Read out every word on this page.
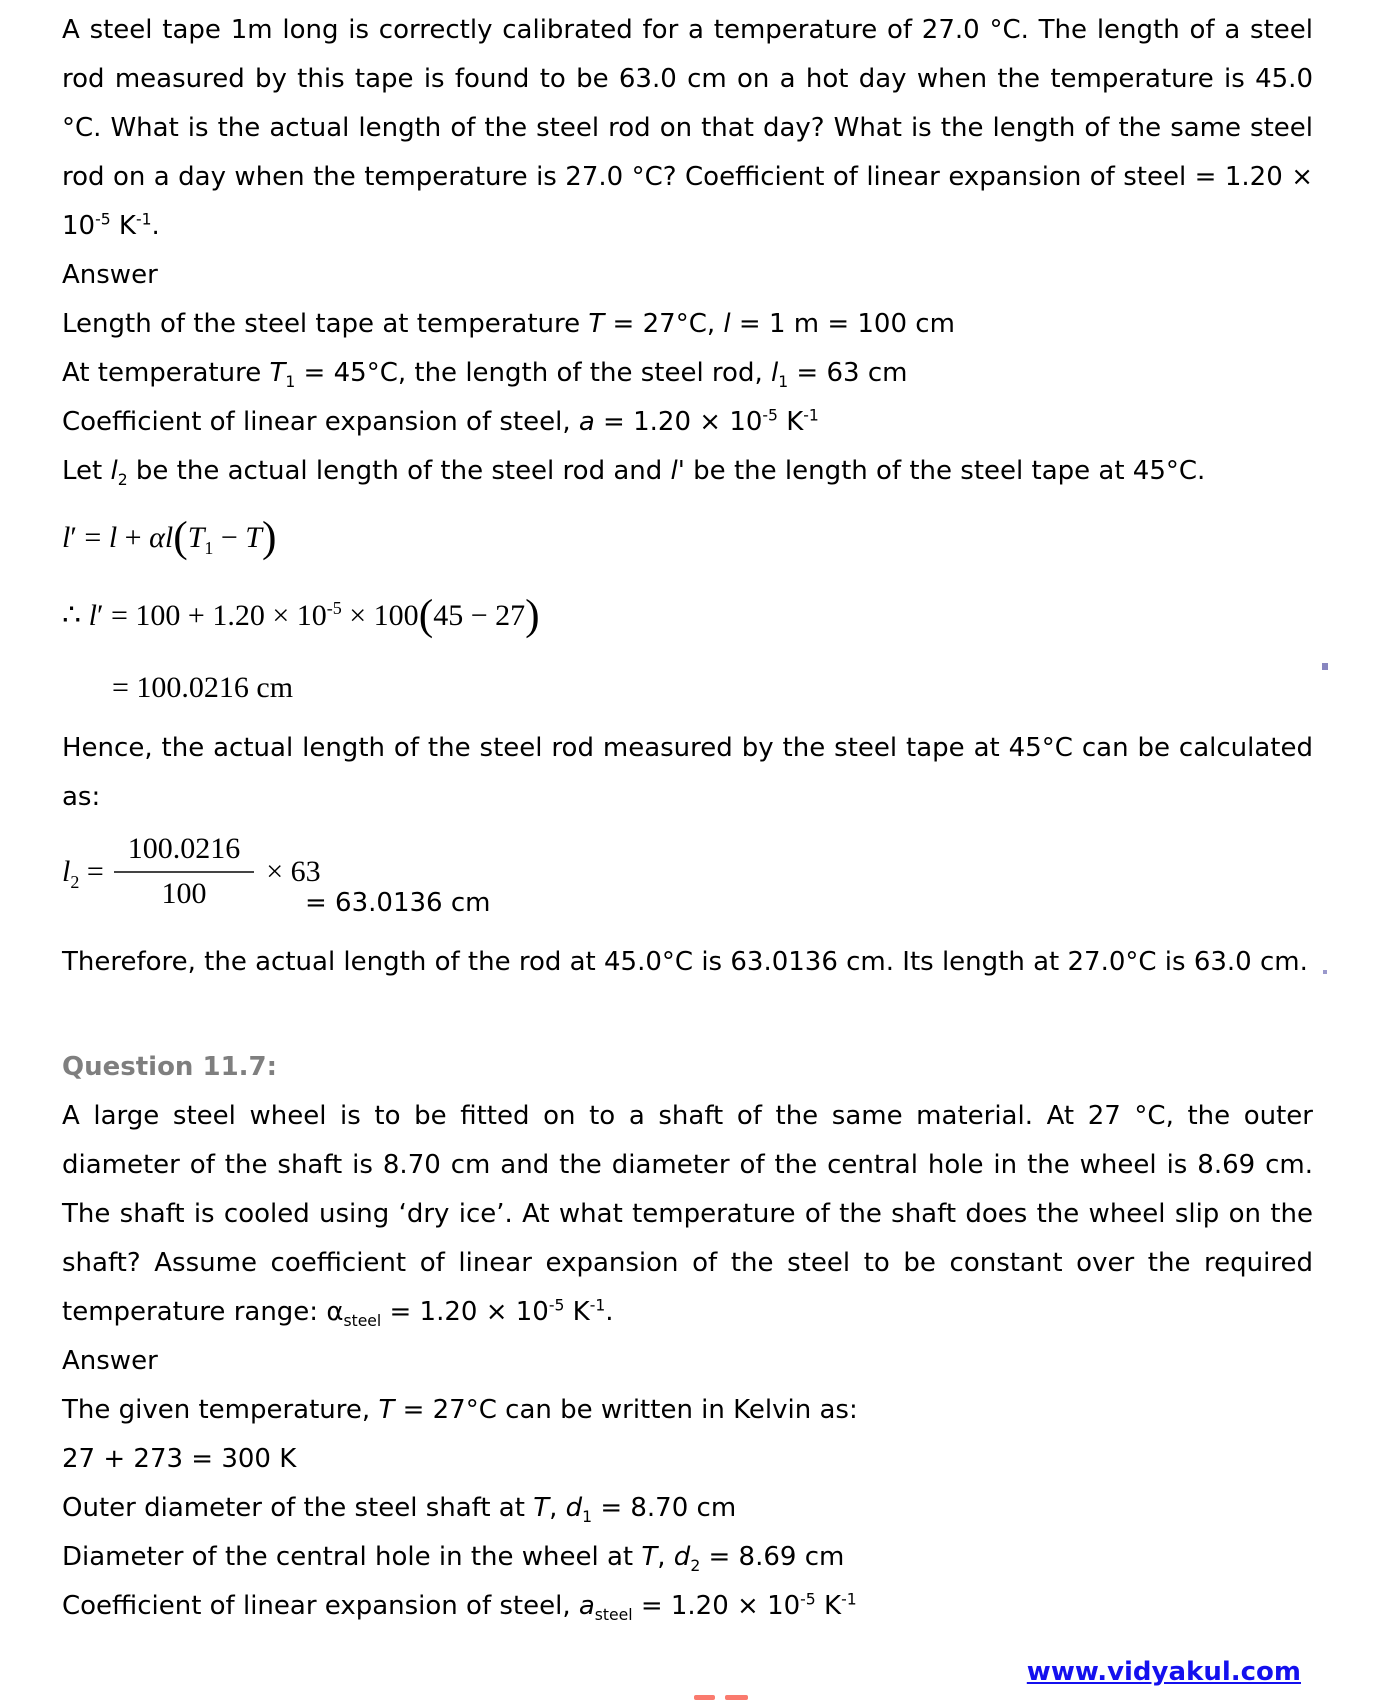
A steel tape 1m long is correctly calibrated for a temperature of 27.0 °C. The length of a steel rod measured by this tape is found to be 63.0 cm on a hot day when the temperature is 45.0 °C. What is the actual length of the steel rod on that day? What is the length of the same steel rod on a day when the temperature is 27.0 °C? Coefficient of linear expansion of steel = $1.20 \times 10^{-5}$ $K^{-1}$.

Answer

Length of the steel tape at temperature T = 27°C, l = 1 m = 100 cm

At temperature $T_1 = 45^\circ C$, the length of the steel rod, $l_1 = 63$ cm

Coefficient of linear expansion of steel, $a = 1.20 \times 10^{-5}$ $K^{-1}$

Let $l_2$ be the actual length of the steel rod and l' be the length of the steel tape at 45°C.

$l' = l + \alpha l(T_1 - T)$

∴ $l' = 100 + 1.20 \times 10^{-5} \times 100(45 - 27)$

= 100.0216 cm

Hence, the actual length of the steel rod measured by the steel tape at 45°C can be calculated as:

$l_2 = \frac{100.0216}{100} \times 63$
= 63.0136 cm

Therefore, the actual length of the rod at 45.0°C is 63.0136 cm. Its length at 27.0°C is 63.0 cm.

Question 11.7:

A large steel wheel is to be fitted on to a shaft of the same material. At 27 °C, the outer diameter of the shaft is 8.70 cm and the diameter of the central hole in the wheel is 8.69 cm. The shaft is cooled using ‘dry ice’. At what temperature of the shaft does the wheel slip on the shaft? Assume coefficient of linear expansion of the steel to be constant over the required temperature range: $\alpha_{steel} = 1.20 \times 10^{-5}$ $K^{-1}$.

Answer

The given temperature, T = 27°C can be written in Kelvin as:

27 + 273 = 300 K

Outer diameter of the steel shaft at T, $d_1 = 8.70$ cm

Diameter of the central hole in the wheel at T, $d_2 = 8.69$ cm

Coefficient of linear expansion of steel, $a_{steel} = 1.20 \times 10^{-5}$ $K^{-1}$

www.vidyakul.com
